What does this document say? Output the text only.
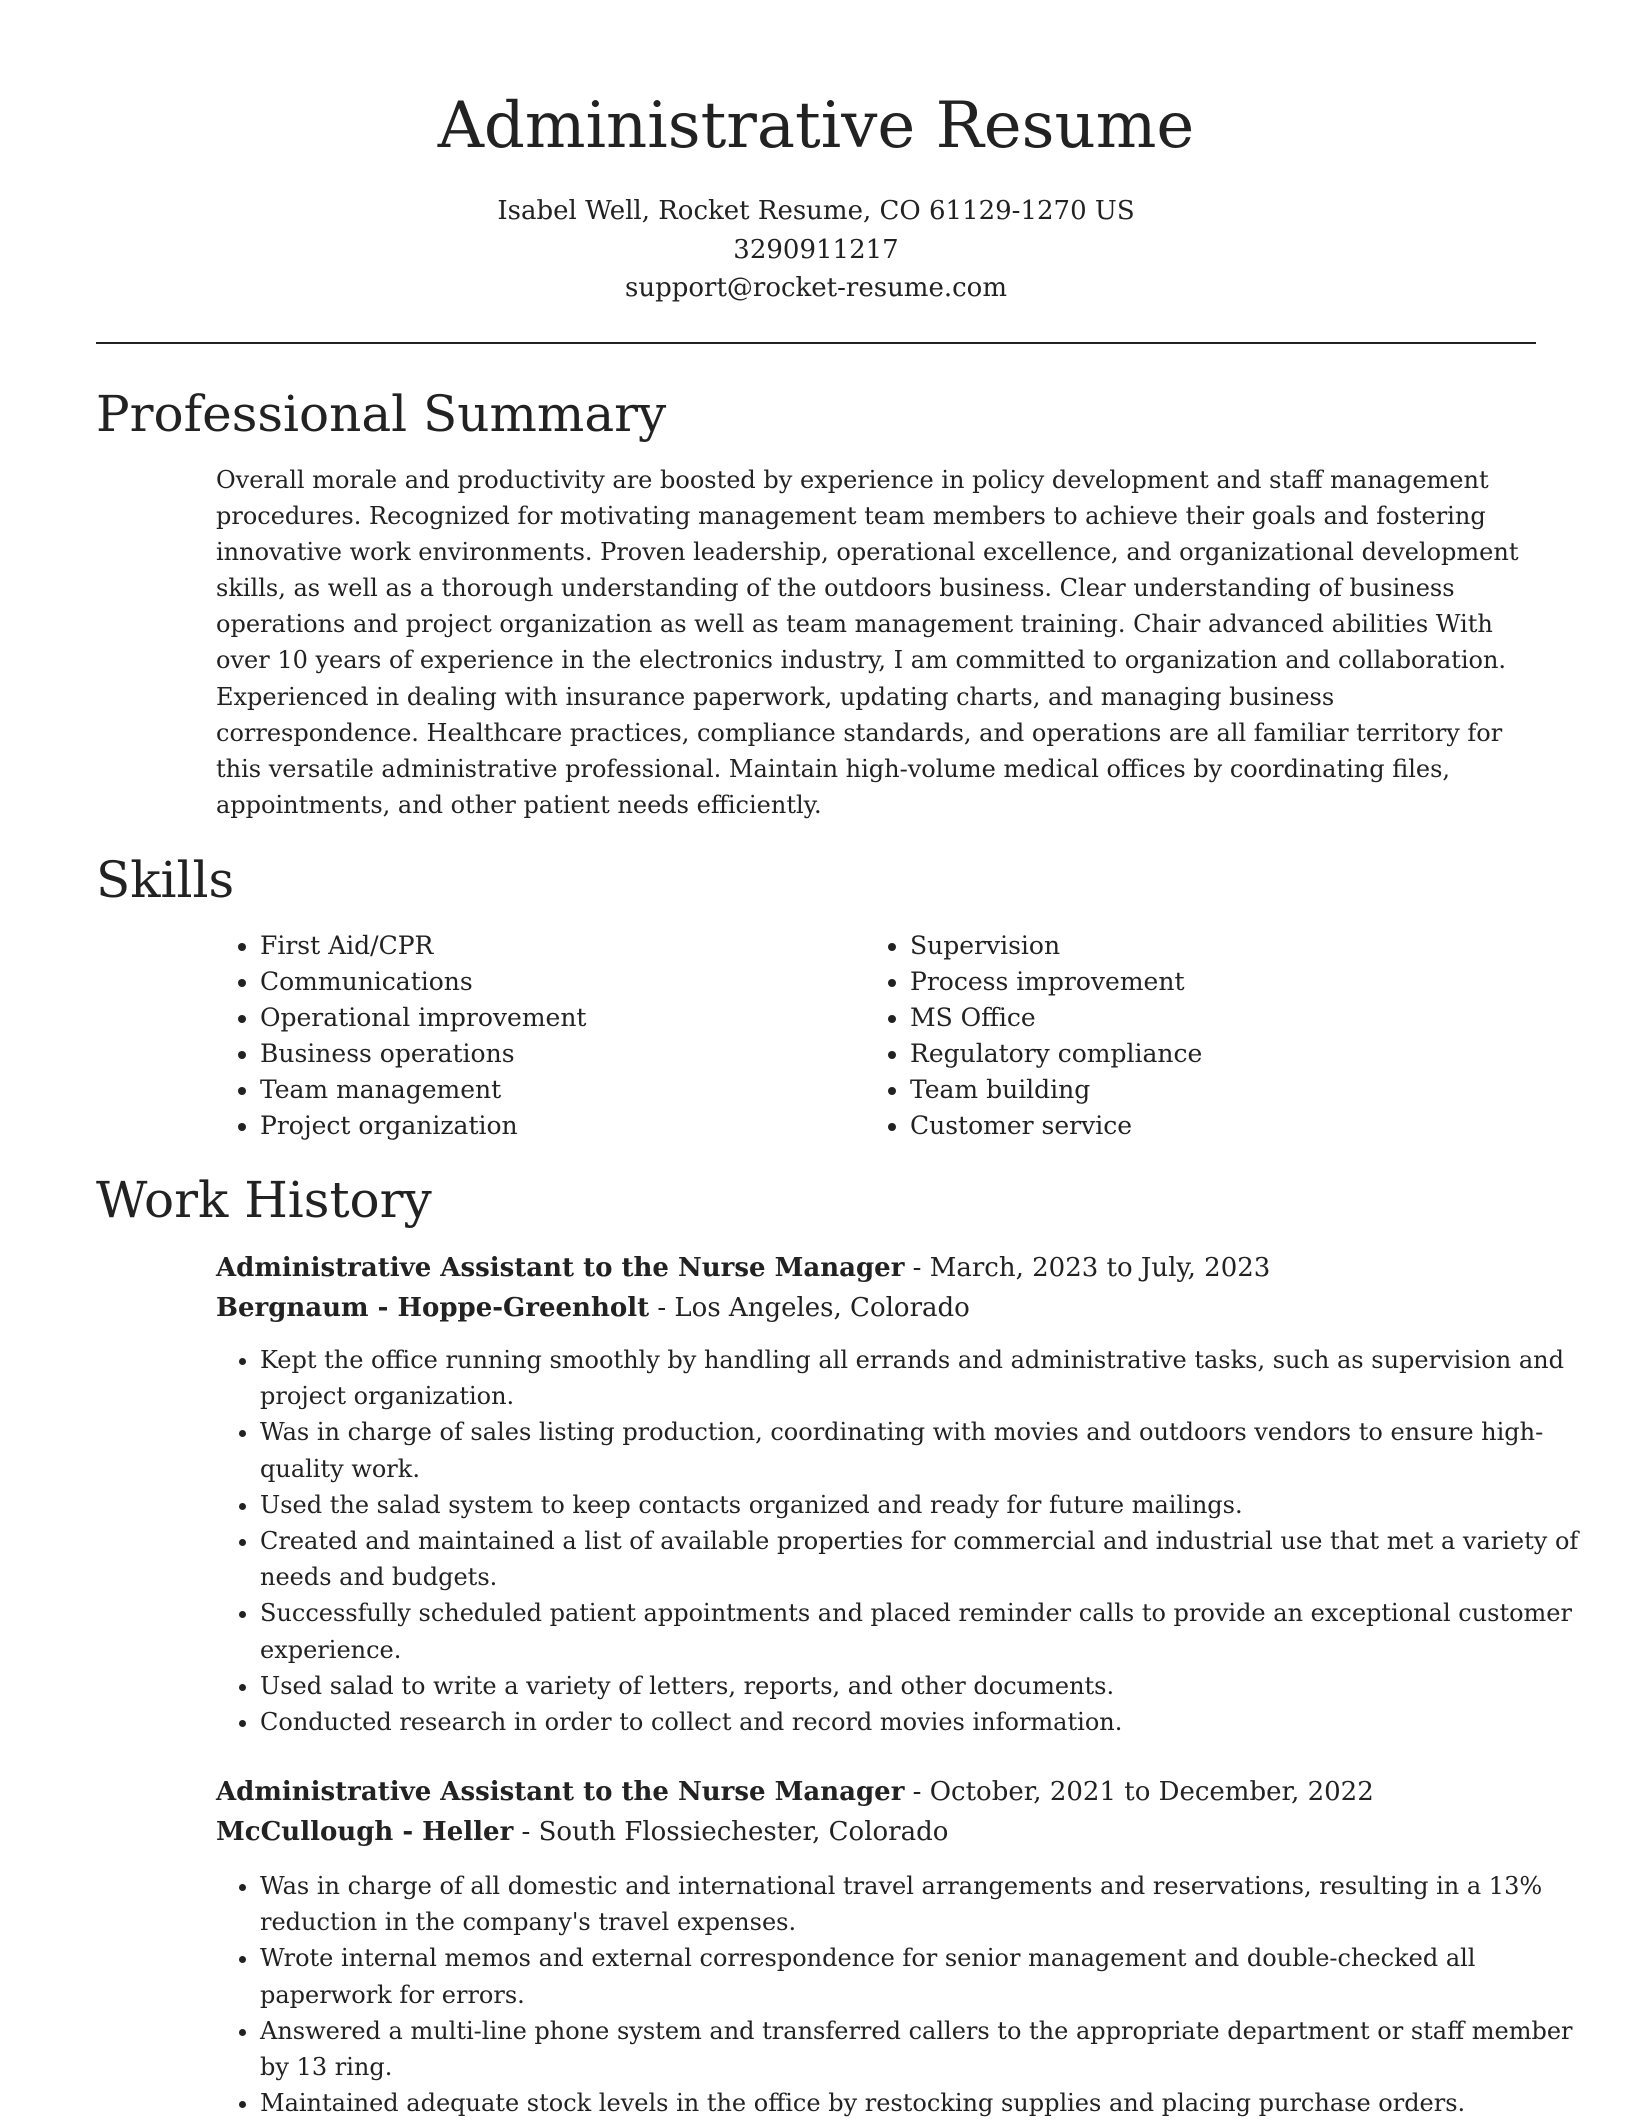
Administrative Resume
Isabel Well, Rocket Resume, CO 61129-1270 US
3290911217
support@rocket-resume.com
Professional Summary

Overall morale and productivity are boosted by experience in policy development and staff management procedures. Recognized for motivating management team members to achieve their goals and fostering innovative work environments. Proven leadership, operational excellence, and organizational development skills, as well as a thorough understanding of the outdoors business. Clear understanding of business operations and project organization as well as team management training. Chair advanced abilities With over 10 years of experience in the electronics industry, I am committed to organization and collaboration. Experienced in dealing with insurance paperwork, updating charts, and managing business correspondence. Healthcare practices, compliance standards, and operations are all familiar territory for this versatile administrative professional. Maintain high-volume medical offices by coordinating files, appointments, and other patient needs efficiently.

Skills
• First Aid/CPR
• Communications
• Operational improvement
• Business operations
• Team management
• Project organization
• Supervision
• Process improvement
• MS Office
• Regulatory compliance
• Team building
• Customer service
Work History
Administrative Assistant to the Nurse Manager - March, 2023 to July, 2023
Bergnaum - Hoppe-Greenholt - Los Angeles, Colorado
• Kept the office running smoothly by handling all errands and administrative tasks, such as supervision and project organization.
• Was in charge of sales listing production, coordinating with movies and outdoors vendors to ensure high-quality work.
• Used the salad system to keep contacts organized and ready for future mailings.
• Created and maintained a list of available properties for commercial and industrial use that met a variety of needs and budgets.
• Successfully scheduled patient appointments and placed reminder calls to provide an exceptional customer experience.
• Used salad to write a variety of letters, reports, and other documents.
• Conducted research in order to collect and record movies information.
Administrative Assistant to the Nurse Manager - October, 2021 to December, 2022
McCullough - Heller - South Flossiechester, Colorado
• Was in charge of all domestic and international travel arrangements and reservations, resulting in a 13% reduction in the company's travel expenses.
• Wrote internal memos and external correspondence for senior management and double-checked all paperwork for errors.
• Answered a multi-line phone system and transferred callers to the appropriate department or staff member by 13 ring.
• Maintained adequate stock levels in the office by restocking supplies and placing purchase orders.
